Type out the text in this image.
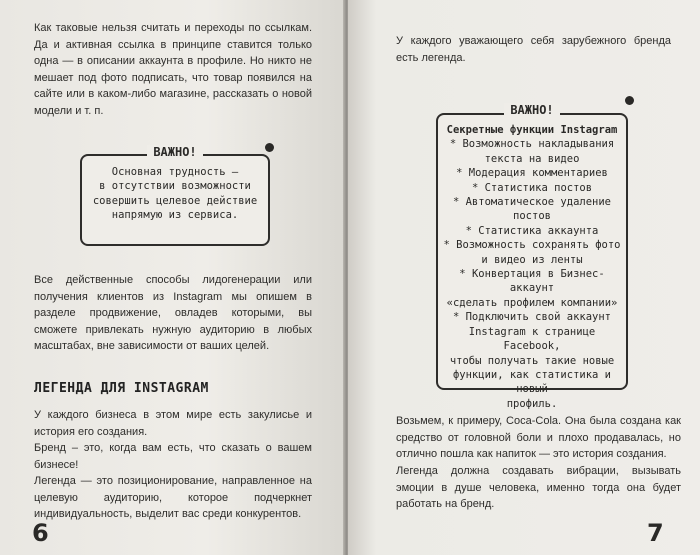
Как таковые нельзя считать и переходы по ссылкам. Да и активная ссылка в принципе ставится только одна — в описании аккаунта в профиле. Но никто не мешает под фото подписать, что товар появился на сайте или в каком-либо магазине, рассказать о новой модели и т. п.

ВАЖНО!

Основная трудность —
в отсутствии возможности
совершить целевое действие
напрямую из сервиса.

Все действенные способы лидогенерации или получения клиентов из Instagram мы опишем в разделе продвижение, овладев которыми, вы сможете привлекать нужную аудиторию в любых масштабах, вне зависимости от ваших целей.

ЛЕГЕНДА ДЛЯ INSTAGRAM

У каждого бизнеса в этом мире есть закулисье и история его создания.

Бренд – это, когда вам есть, что сказать о вашем бизнесе!

Легенда — это позиционирование, направленное на целевую аудиторию, которое подчеркнет индивидуальность, выделит вас среди конкурентов.

6

У каждого уважающего себя зарубежного бренда есть легенда.

ВАЖНО!

Секретные функции Instagram
* Возможность накладывания
текста на видео
* Модерация комментариев
* Статистика постов
* Автоматическое удаление постов
* Статистика аккаунта
* Возможность сохранять фото
и видео из ленты
* Конвертация в Бизнес-аккаунт
«сделать профилем компании»
* Подключить свой аккаунт
Instagram к странице Facebook,
чтобы получать такие новые
функции, как статистика и новый
профиль.

Возьмем, к примеру, Coca-Cola. Она была создана как средство от головной боли и плохо продавалась, но отлично пошла как напиток — это история создания.

Легенда должна создавать вибрации, вызывать эмоции в душе человека, именно тогда она будет работать на бренд.

7
